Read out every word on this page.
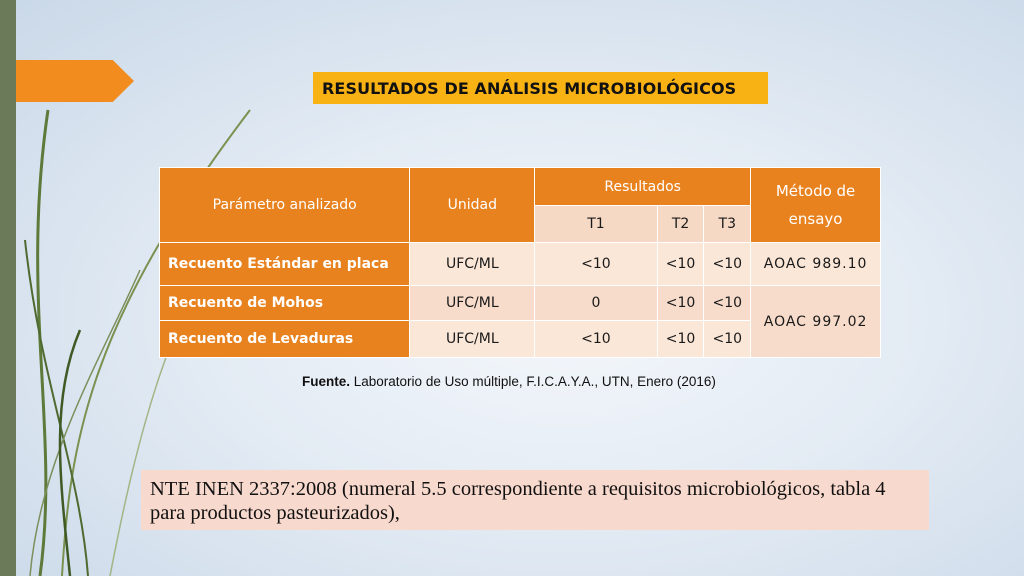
RESULTADOS DE ANÁLISIS MICROBIOLÓGICOS
Parámetro analizado	Unidad	Resultados			Método de ensayo
		T1	T2	T3	
Recuento Estándar en placa	UFC/ML	<10	<10	<10	AOAC 989.10
Recuento de Mohos	UFC/ML	0	<10	<10	AOAC 997.02
Recuento de Levaduras	UFC/ML	<10	<10	<10	
Fuente. Laboratorio de Uso múltiple, F.I.C.A.Y.A., UTN, Enero (2016)
NTE INEN 2337:2008 (numeral 5.5 correspondiente a requisitos microbiológicos, tabla 4 para productos pasteurizados),
